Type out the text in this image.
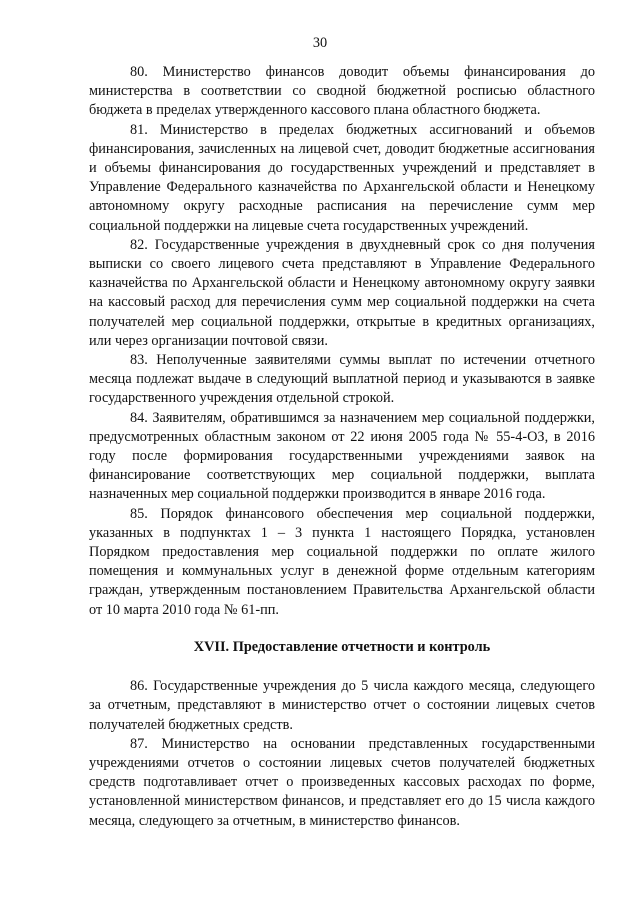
30

80. Министерство финансов доводит объемы финансирования до министерства в соответствии со сводной бюджетной росписью областного бюджета в пределах утвержденного кассового плана областного бюджета.

81. Министерство в пределах бюджетных ассигнований и объемов финансирования, зачисленных на лицевой счет, доводит бюджетные ассигнования и объемы финансирования до государственных учреждений и представляет в Управление Федерального казначейства по Архангельской области и Ненецкому автономному округу расходные расписания на перечисление сумм мер социальной поддержки на лицевые счета государственных учреждений.

82. Государственные учреждения в двухдневный срок со дня получения выписки со своего лицевого счета представляют в Управление Федерального казначейства по Архангельской области и Ненецкому автономному округу заявки на кассовый расход для перечисления сумм мер социальной поддержки на счета получателей мер социальной поддержки, открытые в кредитных организациях, или через организации почтовой связи.

83. Неполученные заявителями суммы выплат по истечении отчетного месяца подлежат выдаче в следующий выплатной период и указываются в заявке государственного учреждения отдельной строкой.

84. Заявителям, обратившимся за назначением мер социальной поддержки, предусмотренных областным законом от 22 июня 2005 года № 55-4-ОЗ, в 2016 году после формирования государственными учреждениями заявок на финансирование соответствующих мер социальной поддержки, выплата назначенных мер социальной поддержки производится в январе 2016 года.

85. Порядок финансового обеспечения мер социальной поддержки, указанных в подпунктах 1 – 3 пункта 1 настоящего Порядка, установлен Порядком предоставления мер социальной поддержки по оплате жилого помещения и коммунальных услуг в денежной форме отдельным категориям граждан, утвержденным постановлением Правительства Архангельской области от 10 марта 2010 года № 61-пп.

XVII. Предоставление отчетности и контроль

86. Государственные учреждения до 5 числа каждого месяца, следующего за отчетным, представляют в министерство отчет о состоянии лицевых счетов получателей бюджетных средств.

87. Министерство на основании представленных государственными учреждениями отчетов о состоянии лицевых счетов получателей бюджетных средств подготавливает отчет о произведенных кассовых расходах по форме, установленной министерством финансов, и представляет его до 15 числа каждого месяца, следующего за отчетным, в министерство финансов.
